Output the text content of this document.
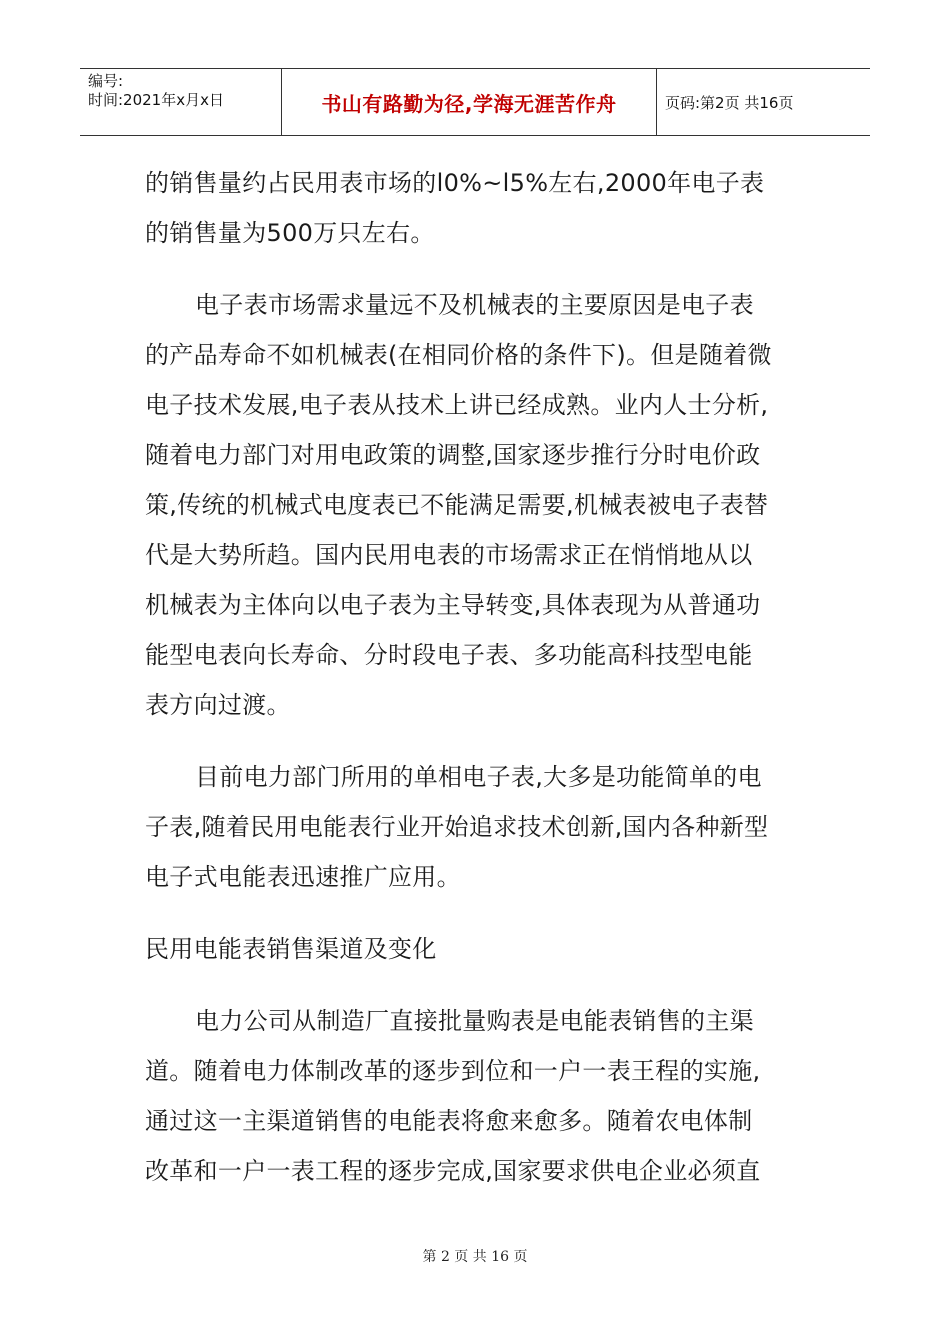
编号:
时间:2021年x月x日	书山有路勤为径,学海无涯苦作舟	页码:第2页 共16页
的销售量约占民用表市场的l0%~l5%左右,2000年电子表
的销售量为500万只左右。
电子表市场需求量远不及机械表的主要原因是电子表
的产品寿命不如机械表(在相同价格的条件下)。但是随着微
电子技术发展,电子表从技术上讲已经成熟。业内人士分析,
随着电力部门对用电政策的调整,国家逐步推行分时电价政
策,传统的机械式电度表已不能满足需要,机械表被电子表替
代是大势所趋。国内民用电表的市场需求正在悄悄地从以
机械表为主体向以电子表为主导转变,具体表现为从普通功
能型电表向长寿命、分时段电子表、多功能高科技型电能
表方向过渡。
目前电力部门所用的单相电子表,大多是功能简单的电
子表,随着民用电能表行业开始追求技术创新,国内各种新型
电子式电能表迅速推广应用。
民用电能表销售渠道及变化
电力公司从制造厂直接批量购表是电能表销售的主渠
道。随着电力体制改革的逐步到位和一户一表王程的实施,
通过这一主渠道销售的电能表将愈来愈多。随着农电体制
改革和一户一表工程的逐步完成,国家要求供电企业必须直
第 2 页 共 16 页
